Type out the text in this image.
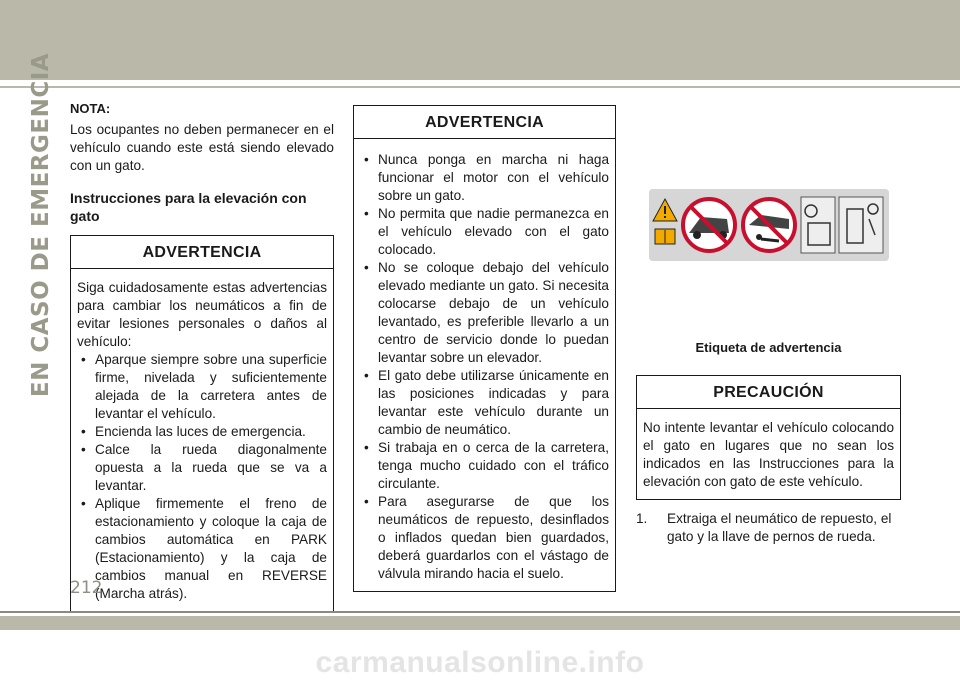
EN CASO DE EMERGENCIA NOTA:

Los ocupantes no deben permanecer en el vehículo cuando este está siendo elevado con un gato.

Instrucciones para la elevación con gato

ADVERTENCIA

Siga cuidadosamente estas advertencias para cambiar los neumáticos a fin de evitar lesiones personales o daños al vehículo:

• Aparque siempre sobre una superficie firme, nivelada y suficientemente alejada de la carretera antes de levantar el vehículo.
• Encienda las luces de emergencia.
• Calce la rueda diagonalmente opuesta a la rueda que se va a levantar.
• Aplique firmemente el freno de estacionamiento y coloque la caja de cambios automática en PARK (Estacionamiento) y la caja de cambios manual en REVERSE (Marcha atrás).
ADVERTENCIA
• Nunca ponga en marcha ni haga funcionar el motor con el vehículo sobre un gato.
• No permita que nadie permanezca en el vehículo elevado con el gato colocado.
• No se coloque debajo del vehículo elevado mediante un gato. Si necesita colocarse debajo de un vehículo levantado, es preferible llevarlo a un centro de servicio donde lo puedan levantar sobre un elevador.
• El gato debe utilizarse únicamente en las posiciones indicadas y para levantar este vehículo durante un cambio de neumático.
• Si trabaja en o cerca de la carretera, tenga mucho cuidado con el tráfico circulante.
• Para asegurarse de que los neumáticos de repuesto, desinflados o inflados quedan bien guardados, deberá guardarlos con el vástago de válvula mirando hacia el suelo.
Etiqueta de advertencia
PRECAUCIÓN

No intente levantar el vehículo colocando el gato en lugares que no sean los indicados en las Instrucciones para la elevación con gato de este vehículo.

1. Extraiga el neumático de repuesto, el gato y la llave de pernos de rueda.
212
carmanualsonline.info
